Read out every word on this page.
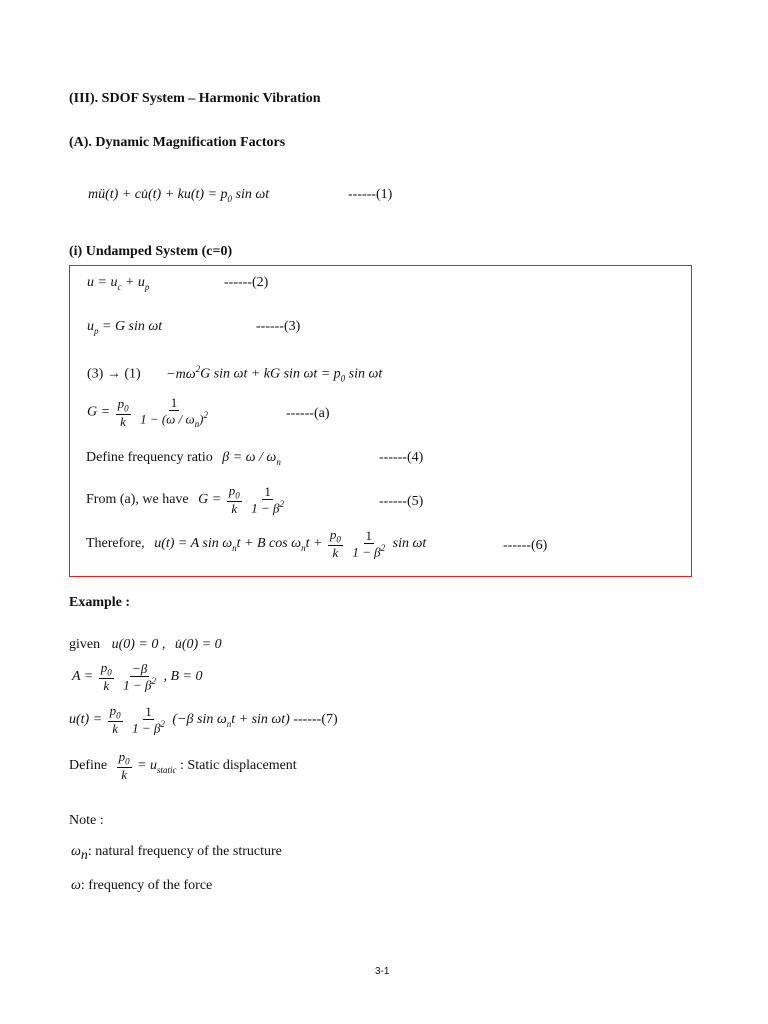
(III). SDOF System – Harmonic Vibration
(A). Dynamic Magnification Factors
mü(t) + cu̇(t) + $ku(t) = p_0$ sin ωt	------(1)
(i) Undamped System (c=0)
$u = u_c + u_p$	------(2)
$u_p = G$ sin ωt	------(3)
$(3) \to (1) -m\omega^2G$ sin ωt + kG $\sin \omega t = p_0$ sin ωt
$G = \frac{p_0}{k}$
$\frac{1}{1 - (\omega / \omega_n)^2}$	------(a)
Define frequency ratio $\beta = \omega / \omega_n$	------(4)
From (a), we have $G = \frac{p_0}{k}$
$\frac{1}{1 - \beta^2}$	------(5)
Therefore, u(t) = A $\sin \omega_nt + B$ $\cos \omega_nt + \frac{p_0}{k}$
$\frac{1}{1 - \beta^2}$ sin ωt	------(6)
Example :
given u(0) = 0 , u̇(0) = 0
$A = \frac{p_0}{k}$
$\frac{-\beta}{1 - \beta^2}$ , B = 0
$u(t) = \frac{p_0}{k}$
$\frac{1}{1 - \beta^2} (-\beta$ $\sin \omega_nt + \sin \omega t$) ------(7)
Define $\frac{p_0}{k} = u_{static}$ : Static displacement
Note :
$\omega_n$: natural frequency of the structure
ω: frequency of the force
3-1
